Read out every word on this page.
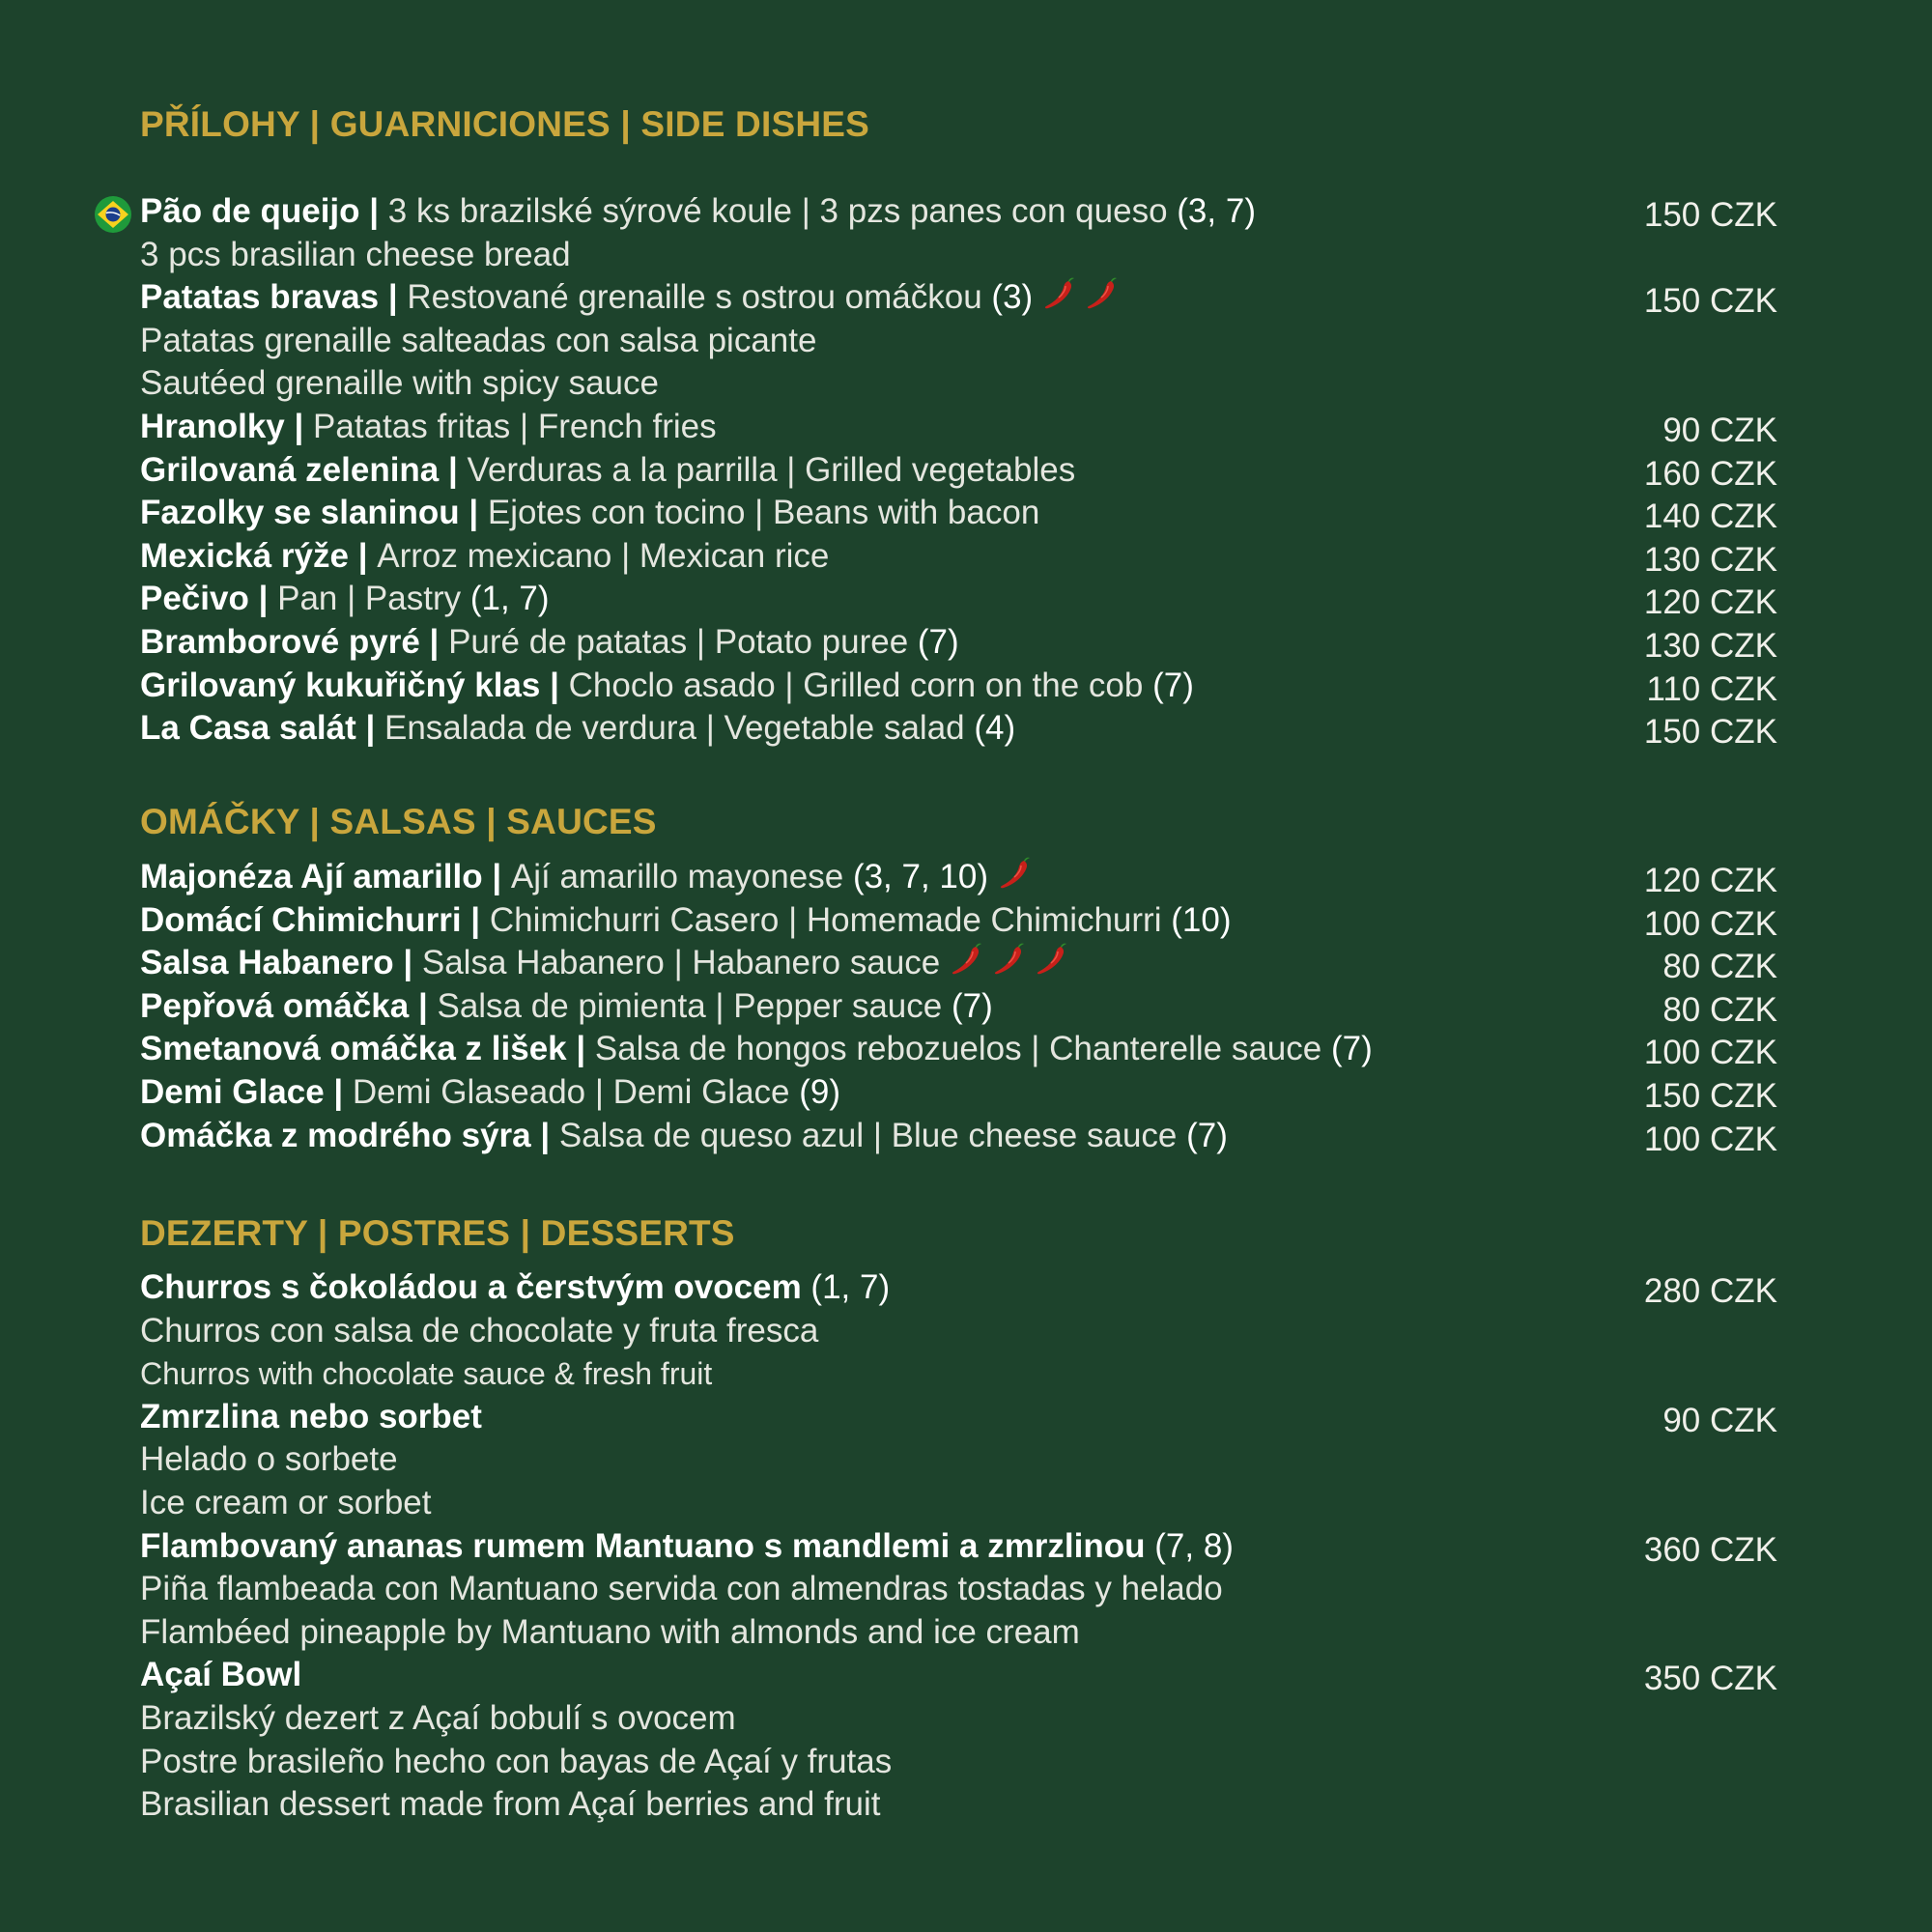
PŘÍLOHY | GUARNICIONES | SIDE DISHES
Pão de queijo | 3 ks brazilské sýrové koule | 3 pzs panes con queso (3, 7)
3 pcs brasilian cheese bread
150 CZK
Patatas bravas | Restované grenaille s ostrou omáčkou (3)
Patatas grenaille salteadas con salsa picante
Sautéed grenaille with spicy sauce
150 CZK
Hranolky | Patatas fritas | French fries	90 CZK
Grilovaná zelenina | Verduras a la parrilla | Grilled vegetables	160 CZK
Fazolky se slaninou | Ejotes con tocino | Beans with bacon	140 CZK
Mexická rýže | Arroz mexicano | Mexican rice	130 CZK
Pečivo | Pan | Pastry (1, 7)	120 CZK
Bramborové pyré | Puré de patatas | Potato puree (7)	130 CZK
Grilovaný kukuřičný klas | Choclo asado | Grilled corn on the cob (7)	110 CZK
La Casa salát | Ensalada de verdura | Vegetable salad (4)	150 CZK
OMÁČKY | SALSAS | SAUCES
Majonéza Ají amarillo | Ají amarillo mayonese (3, 7, 10)	120 CZK
Domácí Chimichurri | Chimichurri Casero | Homemade Chimichurri (10)	100 CZK
Salsa Habanero | Salsa Habanero | Habanero sauce	80 CZK
Pepřová omáčka | Salsa de pimienta | Pepper sauce (7)	80 CZK
Smetanová omáčka z lišek | Salsa de hongos rebozuelos | Chanterelle sauce (7)	100 CZK
Demi Glace | Demi Glaseado | Demi Glace (9)	150 CZK
Omáčka z modrého sýra | Salsa de queso azul | Blue cheese sauce (7)	100 CZK
DEZERTY | POSTRES | DESSERTS
Churros s čokoládou a čerstvým ovocem (1, 7)
Churros con salsa de chocolate y fruta fresca
Churros with chocolate sauce & fresh fruit
280 CZK
Zmrzlina nebo sorbet
Helado o sorbete
Ice cream or sorbet
90 CZK
Flambovaný ananas rumem Mantuano s mandlemi a zmrzlinou (7, 8)
Piña flambeada con Mantuano servida con almendras tostadas y helado
Flambéed pineapple by Mantuano with almonds and ice cream
360 CZK
Açaí Bowl
Brazilský dezert z Açaí bobulí s ovocem
Postre brasileño hecho con bayas de Açaí y frutas
Brasilian dessert made from Açaí berries and fruit
350 CZK
